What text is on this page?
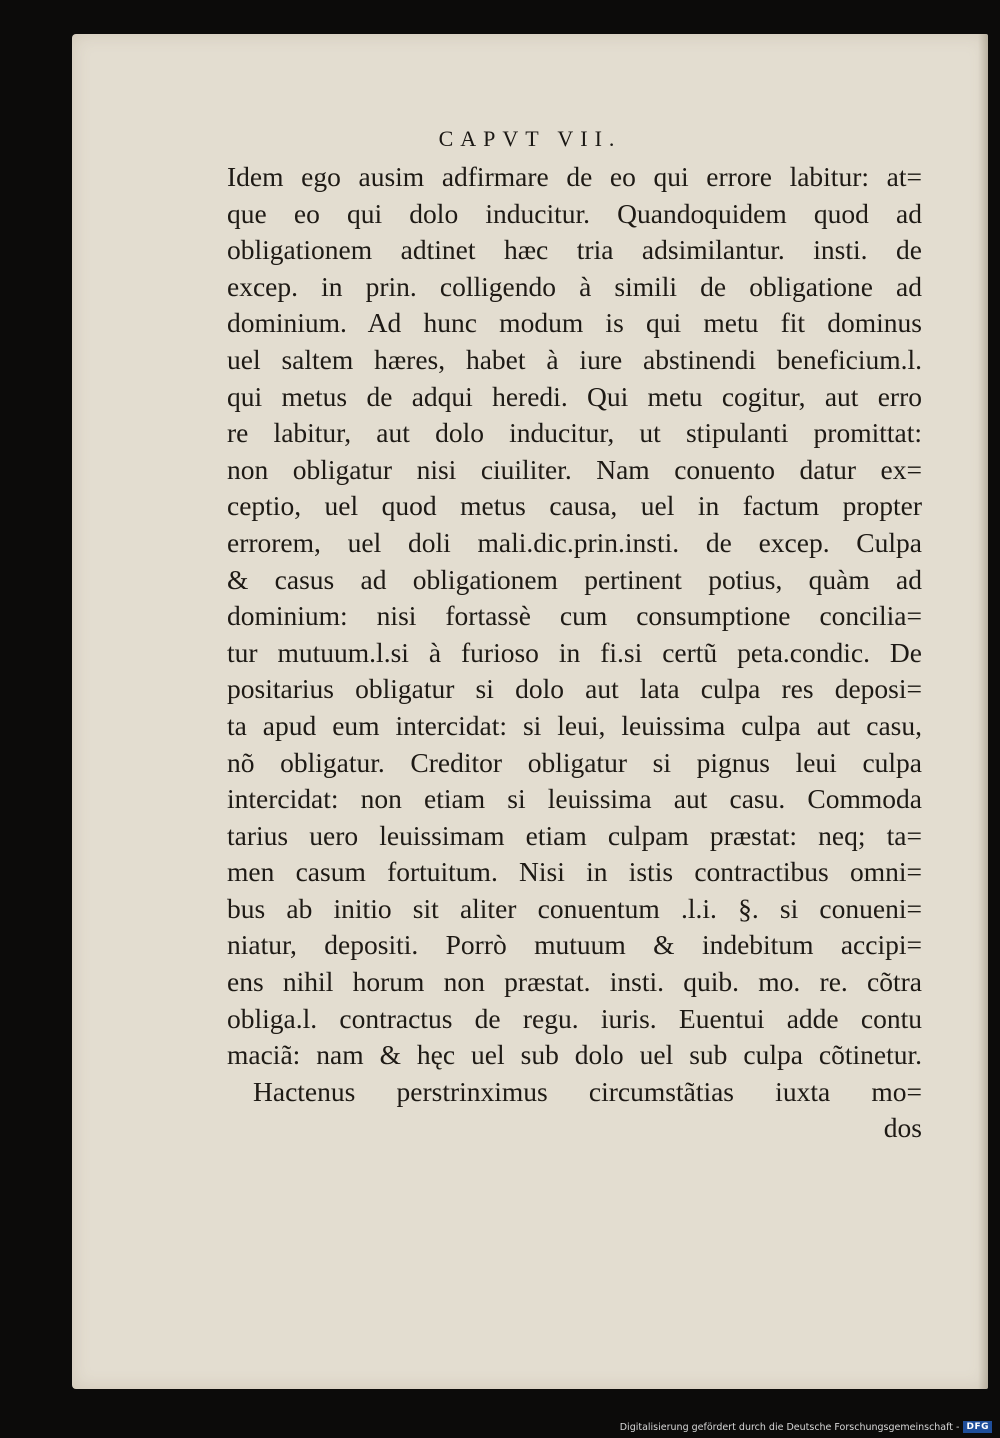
CAPVT VII.
Idem ego ausim adfirmare de eo qui errore labitur: at=
que eo qui dolo inducitur. Quandoquidem quod ad
obligationem adtinet hæc tria adsimilantur. insti. de
excep. in prin. colligendo à simili de obligatione ad
dominium. Ad hunc modum is qui metu fit dominus
uel saltem hæres, habet à iure abstinendi beneficium.l.
qui metus de adqui heredi. Qui metu cogitur, aut erro
re labitur, aut dolo inducitur, ut stipulanti promittat:
non obligatur nisi ciuiliter. Nam conuento datur ex=
ceptio, uel quod metus causa, uel in factum propter
errorem, uel doli mali.dic.prin.insti. de excep. Culpa
& casus ad obligationem pertinent potius, quàm ad
dominium: nisi fortassè cum consumptione concilia=
tur mutuum.l.si à furioso in fi.si certũ peta.condic. De
positarius obligatur si dolo aut lata culpa res deposi=
ta apud eum intercidat: si leui, leuissima culpa aut casu,
nõ obligatur. Creditor obligatur si pignus leui culpa
intercidat: non etiam si leuissima aut casu. Commoda
tarius uero leuissimam etiam culpam præstat: neq; ta=
men casum fortuitum. Nisi in istis contractibus omni=
bus ab initio sit aliter conuentum .l.i. §. si conueni=
niatur, depositi. Porrò mutuum & indebitum accipi=
ens nihil horum non præstat. insti. quib. mo. re. cõtra
obliga.l. contractus de regu. iuris. Euentui adde contu
maciã: nam & hęc uel sub dolo uel sub culpa cõtinetur.
Hactenus perstrinximus circumstãtias iuxta mo=
dos
Digitalisierung gefördert durch die Deutsche Forschungsgemeinschaft - DFG
